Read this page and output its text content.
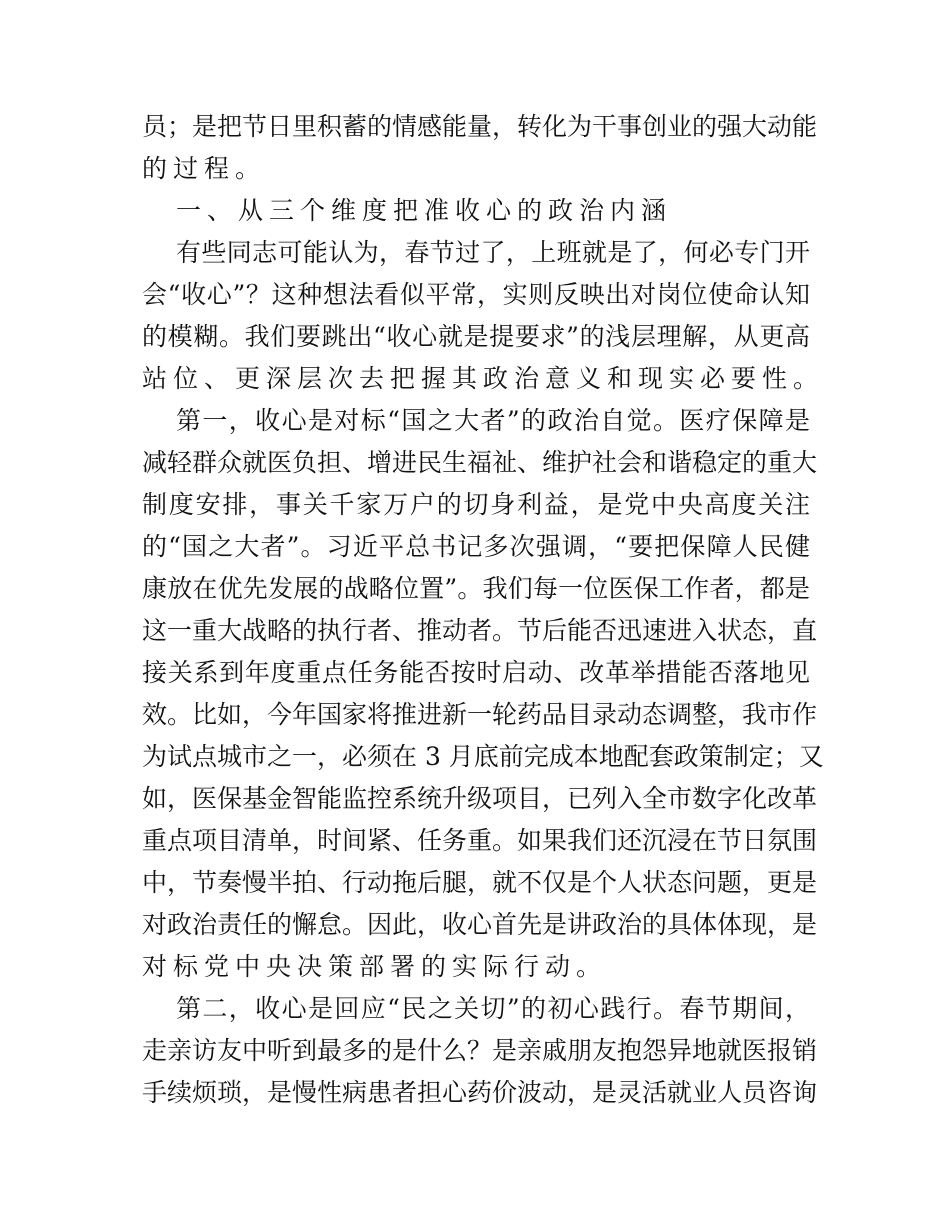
员；是把节日里积蓄的情感能量，转化为干事创业的强大动能
的过程。
一、从三个维度把准收心的政治内涵
有些同志可能认为，春节过了，上班就是了，何必专门开
会“收心”？这种想法看似平常，实则反映出对岗位使命认知
的模糊。我们要跳出“收心就是提要求”的浅层理解，从更高
站位、更深层次去把握其政治意义和现实必要性。
第一，收心是对标“国之大者”的政治自觉。医疗保障是
减轻群众就医负担、增进民生福祉、维护社会和谐稳定的重大
制度安排，事关千家万户的切身利益，是党中央高度关注
的“国之大者”。习近平总书记多次强调，“要把保障人民健
康放在优先发展的战略位置”。我们每一位医保工作者，都是
这一重大战略的执行者、推动者。节后能否迅速进入状态，直
接关系到年度重点任务能否按时启动、改革举措能否落地见
效。比如，今年国家将推进新一轮药品目录动态调整，我市作
为试点城市之一，必须在 3 月底前完成本地配套政策制定；又
如，医保基金智能监控系统升级项目，已列入全市数字化改革
重点项目清单，时间紧、任务重。如果我们还沉浸在节日氛围
中，节奏慢半拍、行动拖后腿，就不仅是个人状态问题，更是
对政治责任的懈怠。因此，收心首先是讲政治的具体体现，是
对标党中央决策部署的实际行动。
第二，收心是回应“民之关切”的初心践行。春节期间，
走亲访友中听到最多的是什么？是亲戚朋友抱怨异地就医报销
手续烦琐，是慢性病患者担心药价波动，是灵活就业人员咨询
